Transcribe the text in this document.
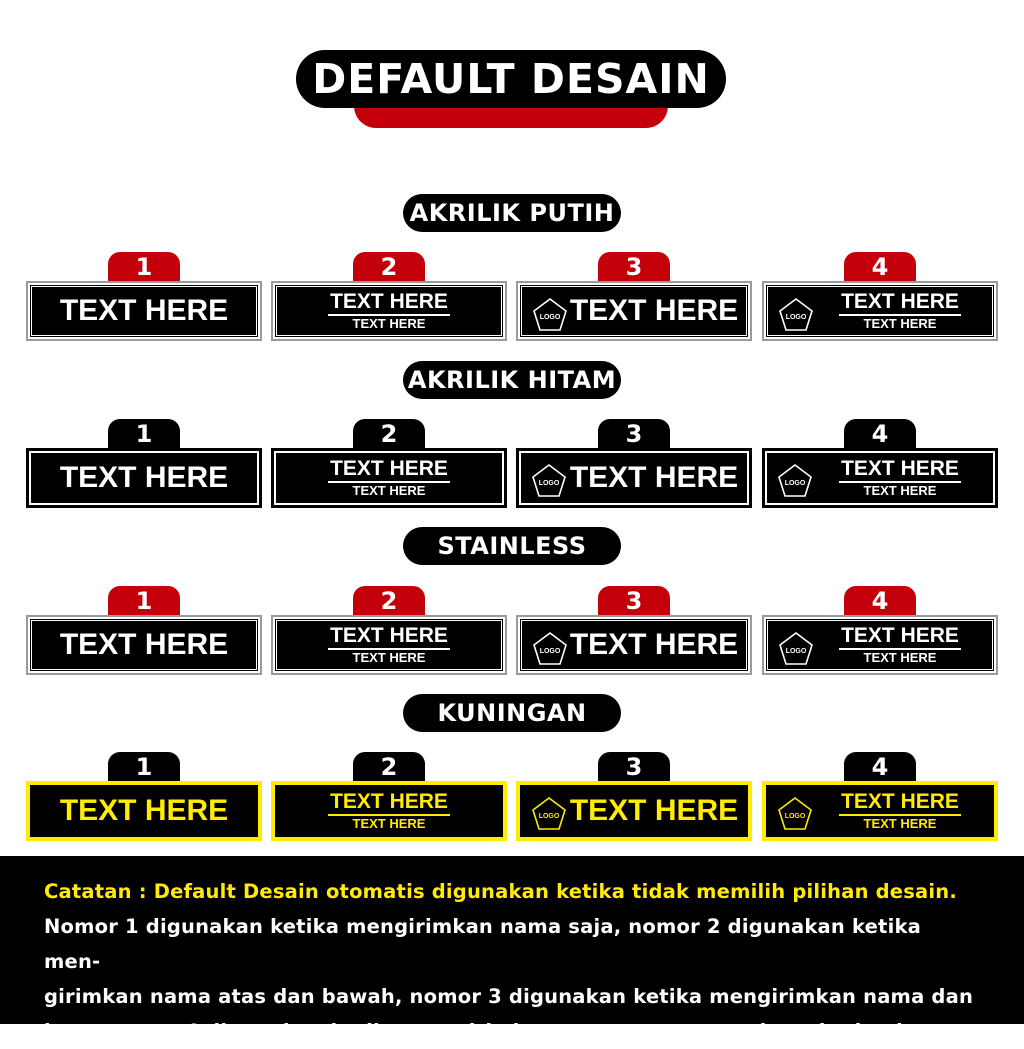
DEFAULT DESAIN
AKRILIK PUTIH
AKRILIK HITAM
STAINLESS
KUNINGAN
1
TEXT HERE
2
TEXT HERE
TEXT HERE
3
LOGO TEXT HERE
4
LOGO
TEXT HERE
TEXT HERE
1
TEXT HERE
2
TEXT HERE
TEXT HERE
3
LOGO TEXT HERE
4
LOGO
TEXT HERE
TEXT HERE
1
TEXT HERE
2
TEXT HERE
TEXT HERE
3
LOGO TEXT HERE
4
LOGO
TEXT HERE
TEXT HERE
1
TEXT HERE
2
TEXT HERE
TEXT HERE
3
LOGO TEXT HERE
4
LOGO
TEXT HERE
TEXT HERE

Catatan : Default Desain otomatis digunakan ketika tidak memilih pilihan desain.

Nomor 1 digunakan ketika mengirimkan nama saja, nomor 2 digunakan ketika men-

girimkan nama atas dan bawah, nomor 3 digunakan ketika mengirimkan nama dan

logo, nomor 4 digunakan ketika mengirimkan nama atas, nama bawah, dan logo.
